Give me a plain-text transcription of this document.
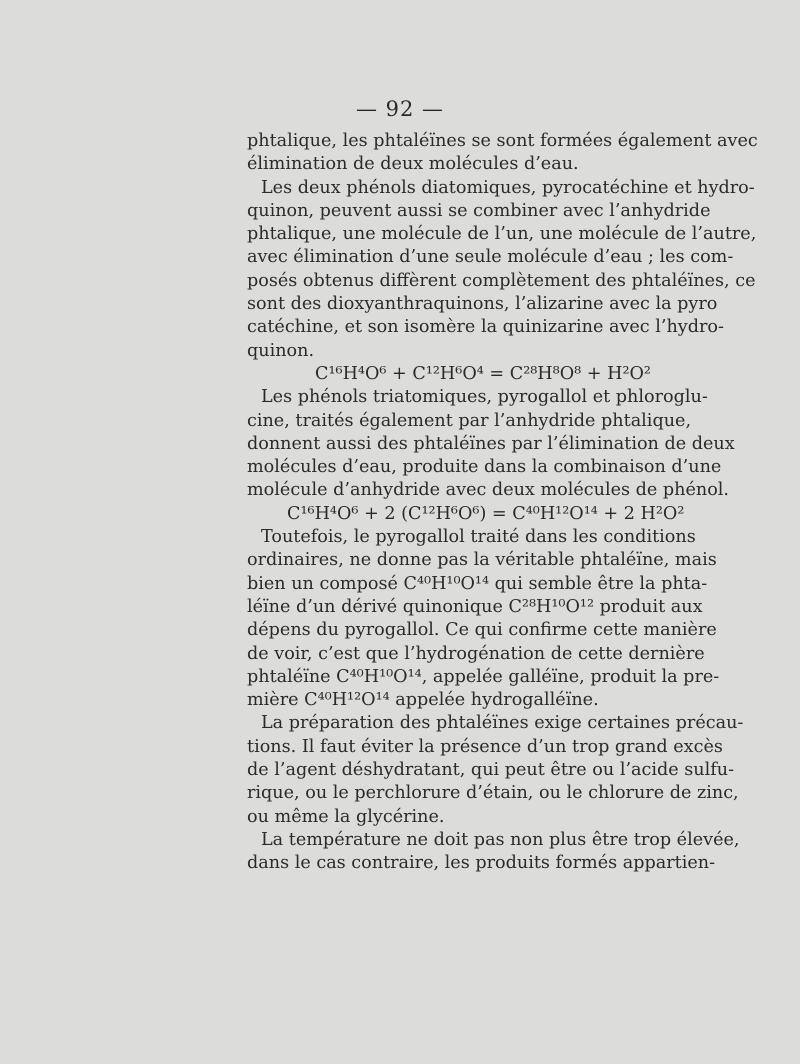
— 92 —
phtalique, les phtaléïnes se sont formées également avec
élimination de deux molécules d’eau.
Les deux phénols diatomiques, pyrocatéchine et hydro-
quinon, peuvent aussi se combiner avec l’anhydride
phtalique, une molécule de l’un, une molécule de l’autre,
avec élimination d’une seule molécule d’eau ; les com-
posés obtenus diffèrent complètement des phtaléïnes, ce
sont des dioxyanthraquinons, l’alizarine avec la pyro
catéchine, et son isomère la quinizarine avec l’hydro-
quinon.
C¹⁶H⁴O⁶ + C¹²H⁶O⁴ = C²⁸H⁸O⁸ + H²O²
Les phénols triatomiques, pyrogallol et phloroglu-
cine, traités également par l’anhydride phtalique,
donnent aussi des phtaléïnes par l’élimination de deux
molécules d’eau, produite dans la combinaison d’une
molécule d’anhydride avec deux molécules de phénol.
C¹⁶H⁴O⁶ + 2 (C¹²H⁶O⁶) = C⁴⁰H¹²O¹⁴ + 2 H²O²
Toutefois, le pyrogallol traité dans les conditions
ordinaires, ne donne pas la véritable phtaléïne, mais
bien un composé C⁴⁰H¹⁰O¹⁴ qui semble être la phta-
léïne d’un dérivé quinonique C²⁸H¹⁰O¹² produit aux
dépens du pyrogallol. Ce qui confirme cette manière
de voir, c’est que l’hydrogénation de cette dernière
phtaléïne C⁴⁰H¹⁰O¹⁴, appelée galléïne, produit la pre-
mière C⁴⁰H¹²O¹⁴ appelée hydrogalléïne.
La préparation des phtaléïnes exige certaines précau-
tions. Il faut éviter la présence d’un trop grand excès
de l’agent déshydratant, qui peut être ou l’acide sulfu-
rique, ou le perchlorure d’étain, ou le chlorure de zinc,
ou même la glycérine.
La température ne doit pas non plus être trop élevée,
dans le cas contraire, les produits formés appartien-
